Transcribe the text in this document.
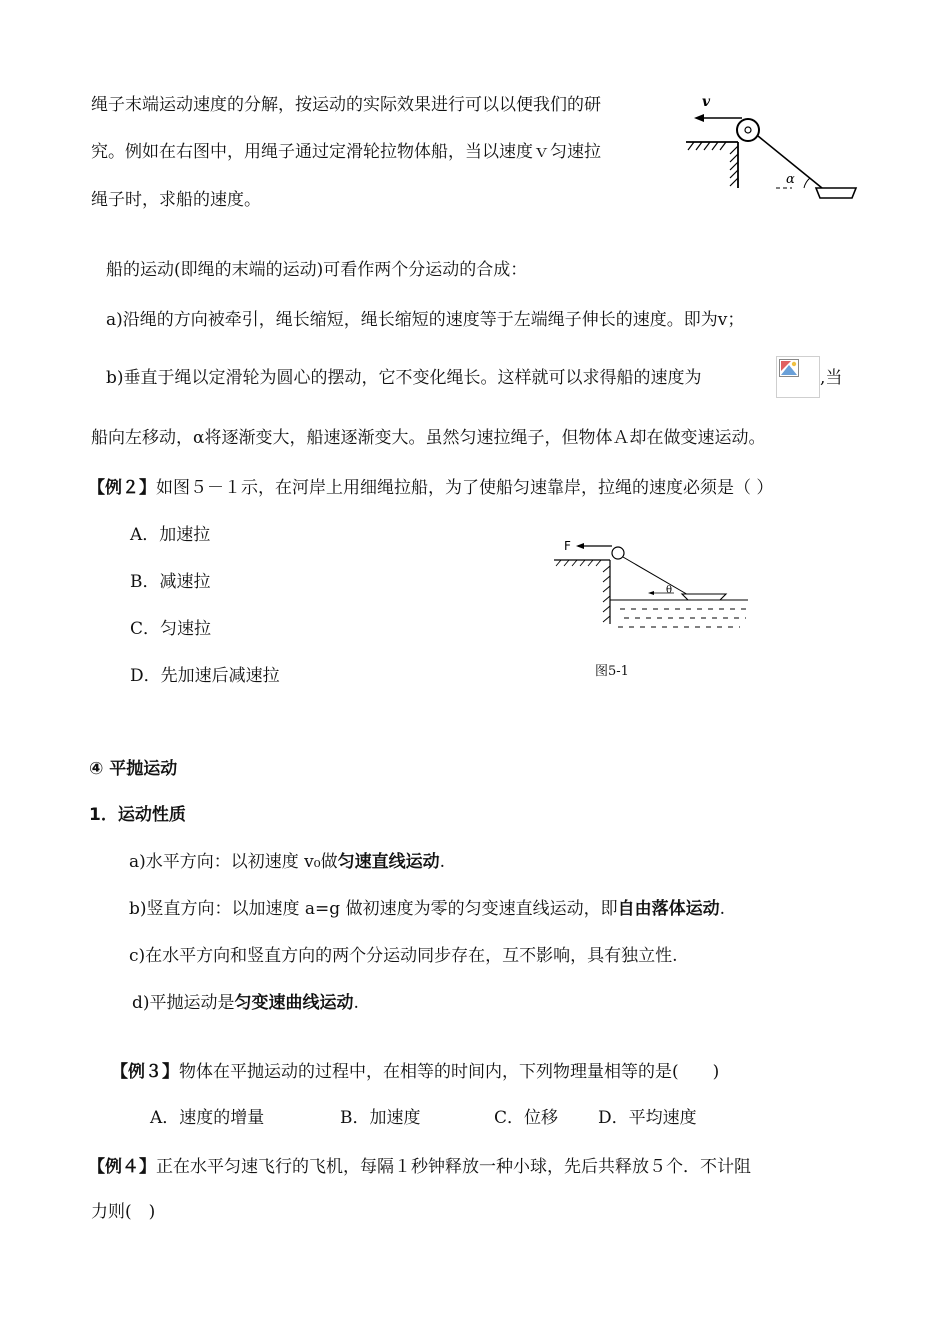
绳子末端运动速度的分解，按运动的实际效果进行可以以便我们的研
究。例如在右图中，用绳子通过定滑轮拉物体船，当以速度ｖ匀速拉
绳子时，求船的速度。
v
α
船的运动(即绳的末端的运动)可看作两个分运动的合成：
a)沿绳的方向被牵引，绳长缩短，绳长缩短的速度等于左端绳子伸长的速度。即为v；
b)垂直于绳以定滑轮为圆心的摆动，它不变化绳长。这样就可以求得船的速度为	,当
船向左移动，α将逐渐变大，船速逐渐变大。虽然匀速拉绳子，但物体Ａ却在做变速运动。
【例２】如图５－１示，在河岸上用细绳拉船，为了使船匀速靠岸，拉绳的速度必须是（ ）
A．加速拉
B．减速拉
C．匀速拉
D．先加速后减速拉
F
θ
图5-1
④ 平抛运动
1．运动性质
a)水平方向：以初速度 v₀做匀速直线运动.
b)竖直方向：以加速度 a=g 做初速度为零的匀变速直线运动，即自由落体运动.
c)在水平方向和竖直方向的两个分运动同步存在，互不影响，具有独立性.
d)平抛运动是匀变速曲线运动.
【例３】物体在平抛运动的过程中，在相等的时间内，下列物理量相等的是(　　)
A．速度的增量	B．加速度	C．位移 D．平均速度
【例４】正在水平匀速飞行的飞机，每隔１秒钟释放一种小球，先后共释放５个．不计阻
力则(　)
